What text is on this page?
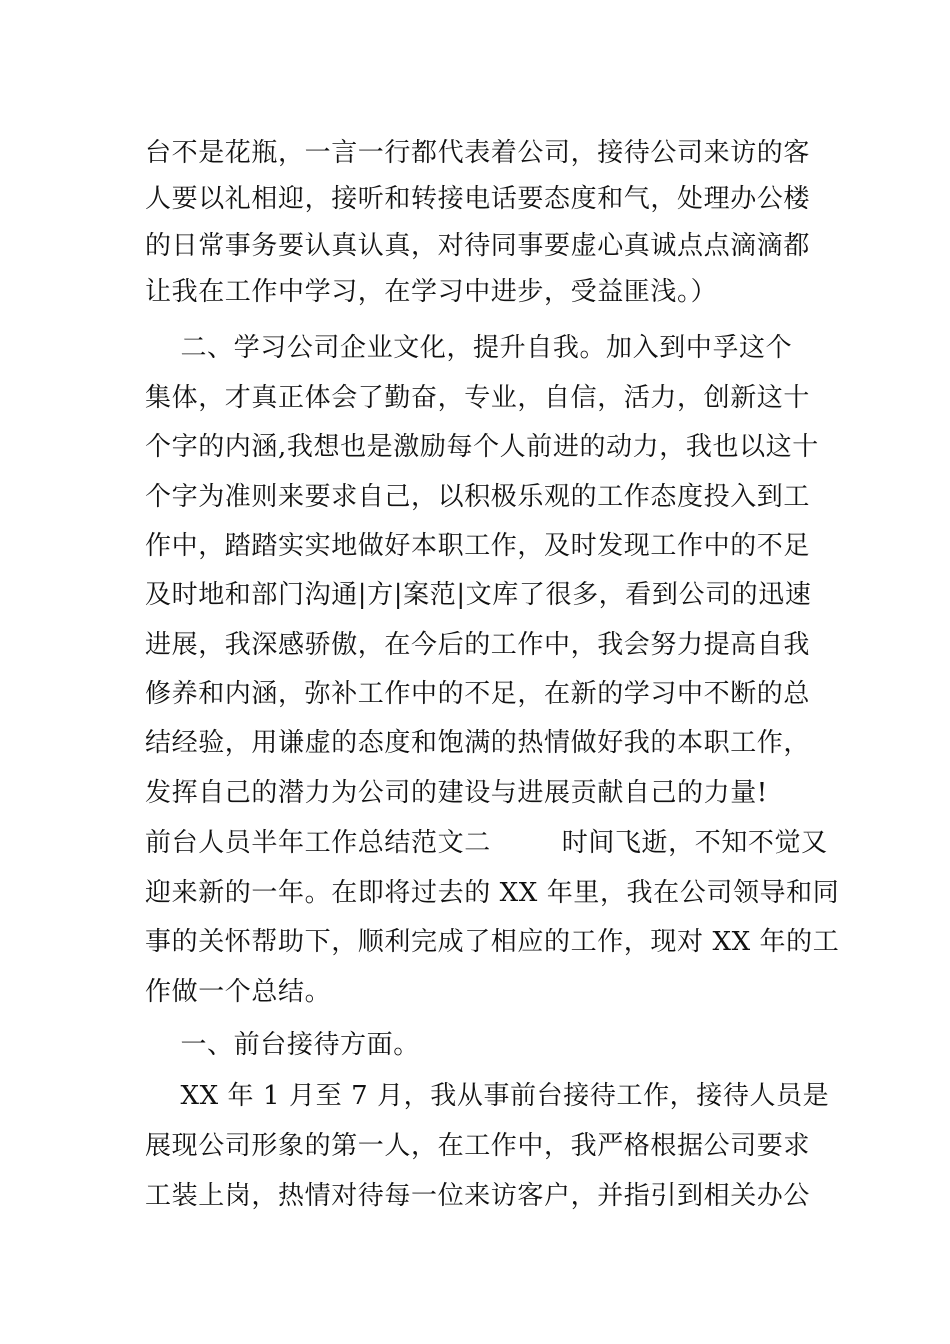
台不是花瓶，一言一行都代表着公司，接待公司来访的客
人要以礼相迎，接听和转接电话要态度和气，处理办公楼
的日常事务要认真认真，对待同事要虚心真诚点点滴滴都
让我在工作中学习，在学习中进步，受益匪浅。）
二、学习公司企业文化，提升自我。加入到中孚这个
集体，才真正体会了勤奋，专业，自信，活力，创新这十
个字的内涵,我想也是激励每个人前进的动力，我也以这十
个字为准则来要求自己，以积极乐观的工作态度投入到工
作中，踏踏实实地做好本职工作，及时发现工作中的不足
及时地和部门沟通|方|案范|文库了很多，看到公司的迅速
进展，我深感骄傲，在今后的工作中，我会努力提高自我
修养和内涵，弥补工作中的不足，在新的学习中不断的总
结经验，用谦虚的态度和饱满的热情做好我的本职工作，
发挥自己的潜力为公司的建设与进展贡献自己的力量!
前台人员半年工作总结范文二        时间飞逝，不知不觉又
迎来新的一年。在即将过去的 XX 年里，我在公司领导和同
事的关怀帮助下，顺利完成了相应的工作，现对 XX 年的工
作做一个总结。
一、前台接待方面。
XX 年 1 月至 7 月，我从事前台接待工作，接待人员是
展现公司形象的第一人，在工作中，我严格根据公司要求
工装上岗，热情对待每一位来访客户，并指引到相关办公
